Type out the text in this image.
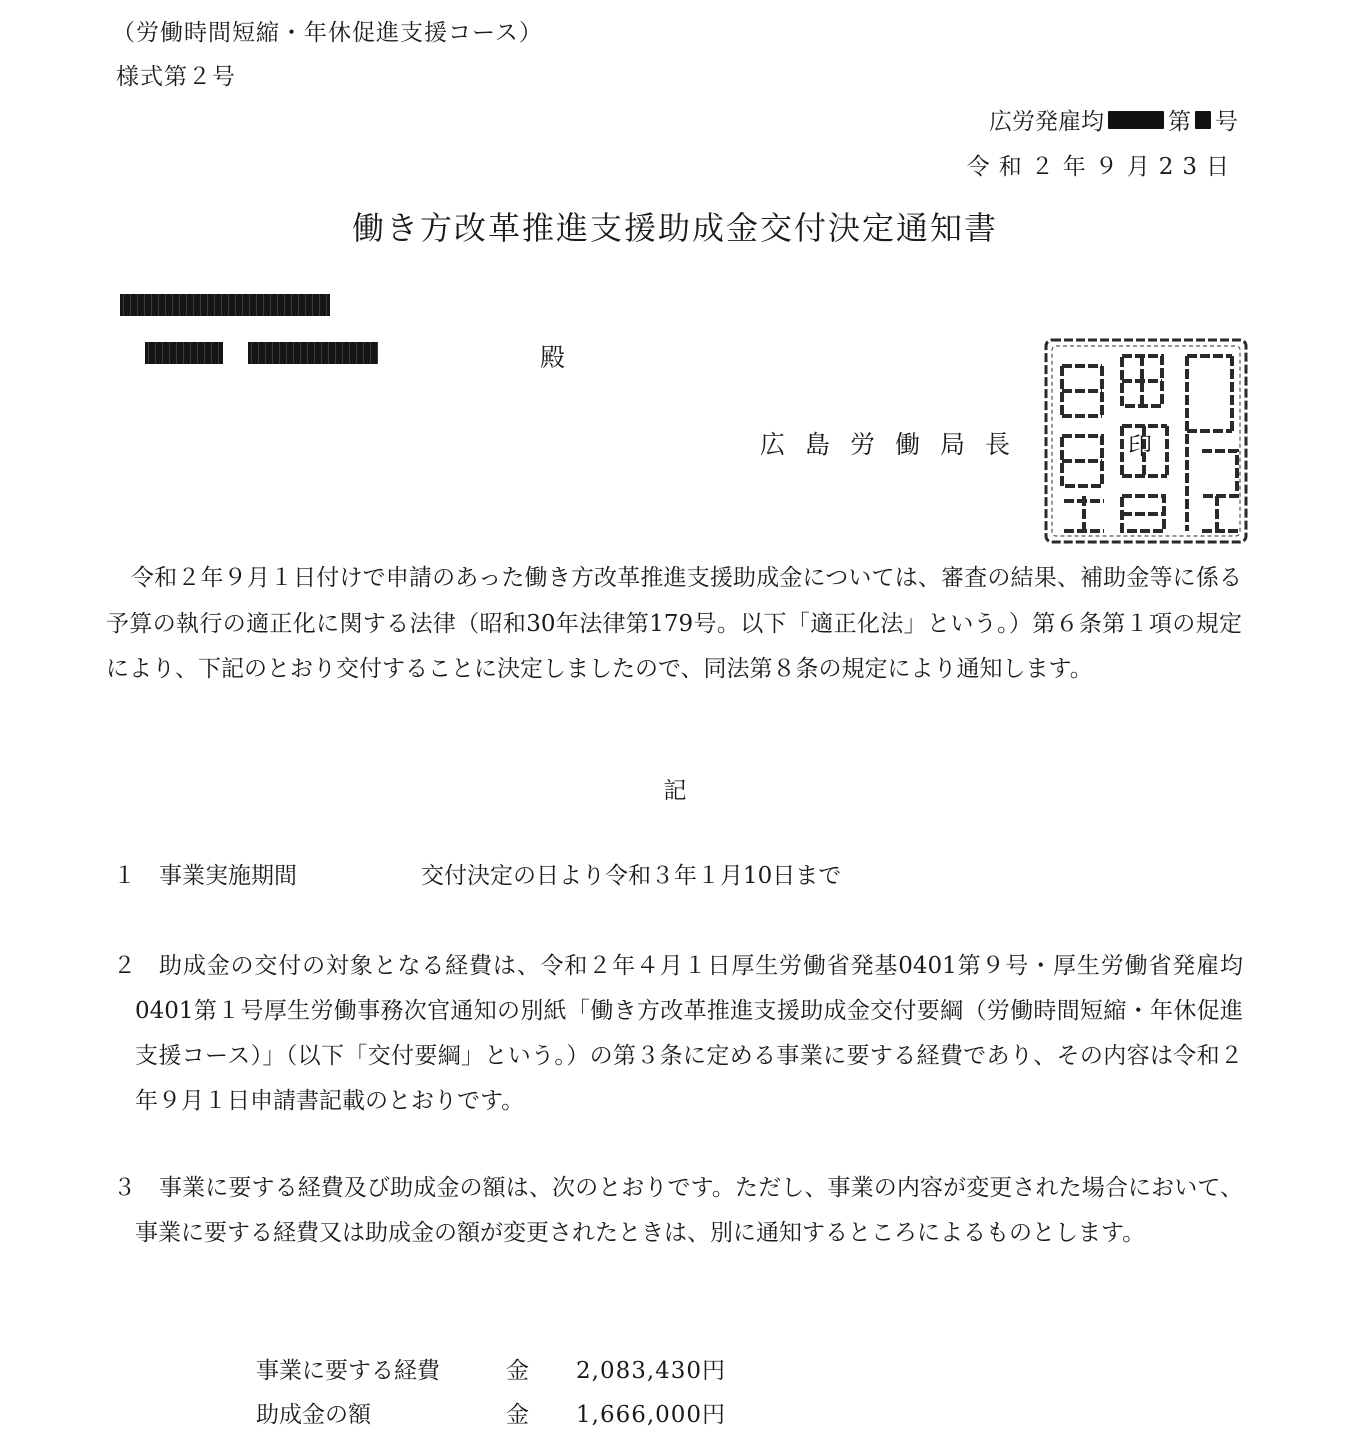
（労働時間短縮・年休促進支援コース）
様式第２号
広労発雇均	第 号
令和２年９月23日
働き方改革推進支援助成金交付決定通知書
殿
広島労働局長	印
令和２年９月１日付けで申請のあった働き方改革推進支援助成金については、審査の結果、補助金等に係る予算の執行の適正化に関する法律（昭和30年法律第179号。以下「適正化法」という。）第６条第１項の規定により、下記のとおり交付することに決定しましたので、同法第８条の規定により通知します。
記
１	事業実施期間	交付決定の日より令和３年１月10日まで
２	助成金の交付の対象となる経費は、令和２年４月１日厚生労働省発基0401第９号・厚生労働省発雇均0401第１号厚生労働事務次官通知の別紙「働き方改革推進支援助成金交付要綱（労働時間短縮・年休促進支援コース）」（以下「交付要綱」という。）の第３条に定める事業に要する経費であり、その内容は令和２年９月１日申請書記載のとおりです。
３	事業に要する経費及び助成金の額は、次のとおりです。ただし、事業の内容が変更された場合において、事業に要する経費又は助成金の額が変更されたときは、別に通知するところによるものとします。
事業に要する経費	金	2,083,430円
助成金の額	金	1,666,000円
